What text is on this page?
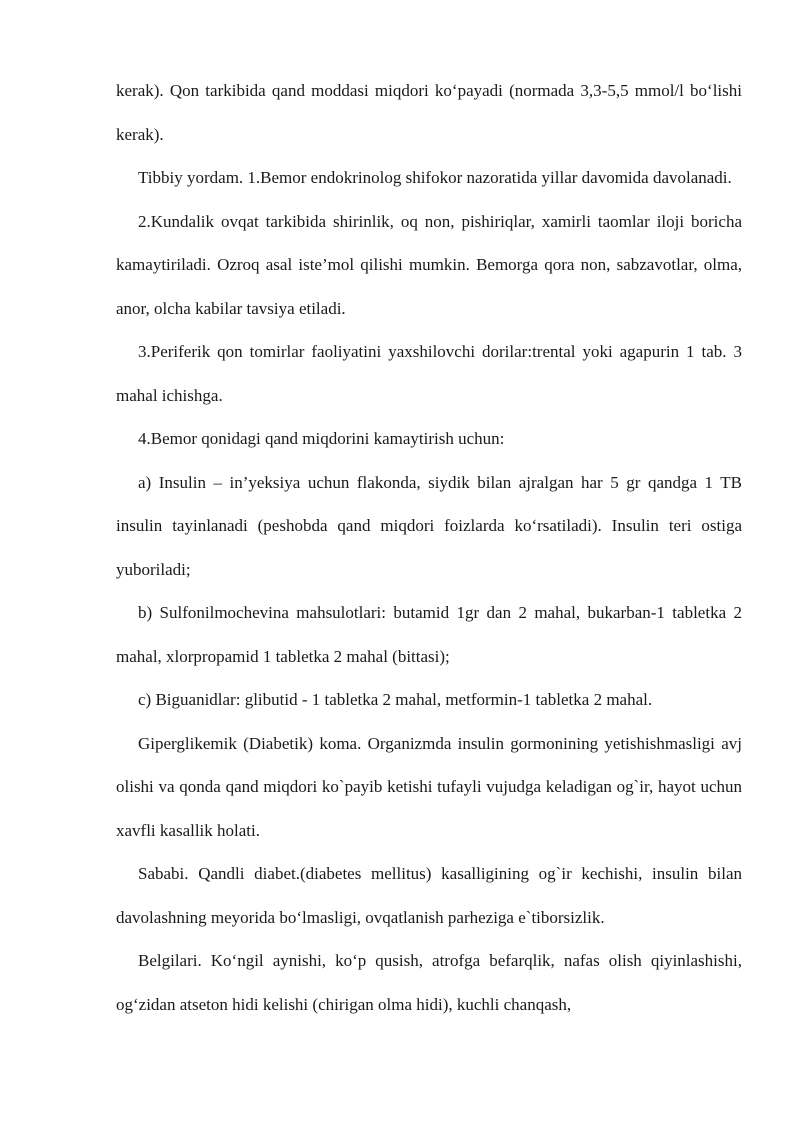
kerak). Qon tarkibida qand moddasi miqdori ko‘payadi (normada 3,3-5,5 mmol/l bo‘lishi kerak).

Tibbiy yordam. 1.Bemor endokrinolog shifokor nazoratida yillar davomida davolanadi.

2.Kundalik ovqat tarkibida shirinlik, oq non, pishiriqlar, xamirli taomlar iloji boricha kamaytiriladi. Ozroq asal iste’mol qilishi mumkin. Bemorga qora non, sabzavotlar, olma, anor, olcha kabilar tavsiya etiladi.

3.Periferik qon tomirlar faoliyatini yaxshilovchi dorilar:trental yoki agapurin 1 tab. 3 mahal ichishga.

4.Bemor qonidagi qand miqdorini kamaytirish uchun:

a) Insulin – in’yeksiya uchun flakonda, siydik bilan ajralgan har 5 gr qandga 1 TB insulin tayinlanadi (peshobda qand miqdori foizlarda ko‘rsatiladi). Insulin teri ostiga yuboriladi;

b) Sulfonilmochevina mahsulotlari: butamid 1gr dan 2 mahal, bukarban-1 tabletka 2 mahal, xlorpropamid 1 tabletka 2 mahal (bittasi);

c) Biguanidlar: glibutid - 1 tabletka 2 mahal, metformin-1 tabletka 2 mahal.

Giperglikemik (Diabetik) koma. Organizmda insulin gormonining yetishishmasligi avj olishi va qonda qand miqdori ko`payib ketishi tufayli vujudga keladigan og`ir, hayot uchun xavfli kasallik holati.

Sababi. Qandli diabet.(diabetes mellitus) kasalligining og`ir kechishi, insulin bilan davolashning meyorida bo‘lmasligi, ovqatlanish parheziga e`tiborsizlik.

Belgilari. Ko‘ngil aynishi, ko‘p qusish, atrofga befarqlik, nafas olish qiyinlashishi, og‘zidan atseton hidi kelishi (chirigan olma hidi), kuchli chanqash,
